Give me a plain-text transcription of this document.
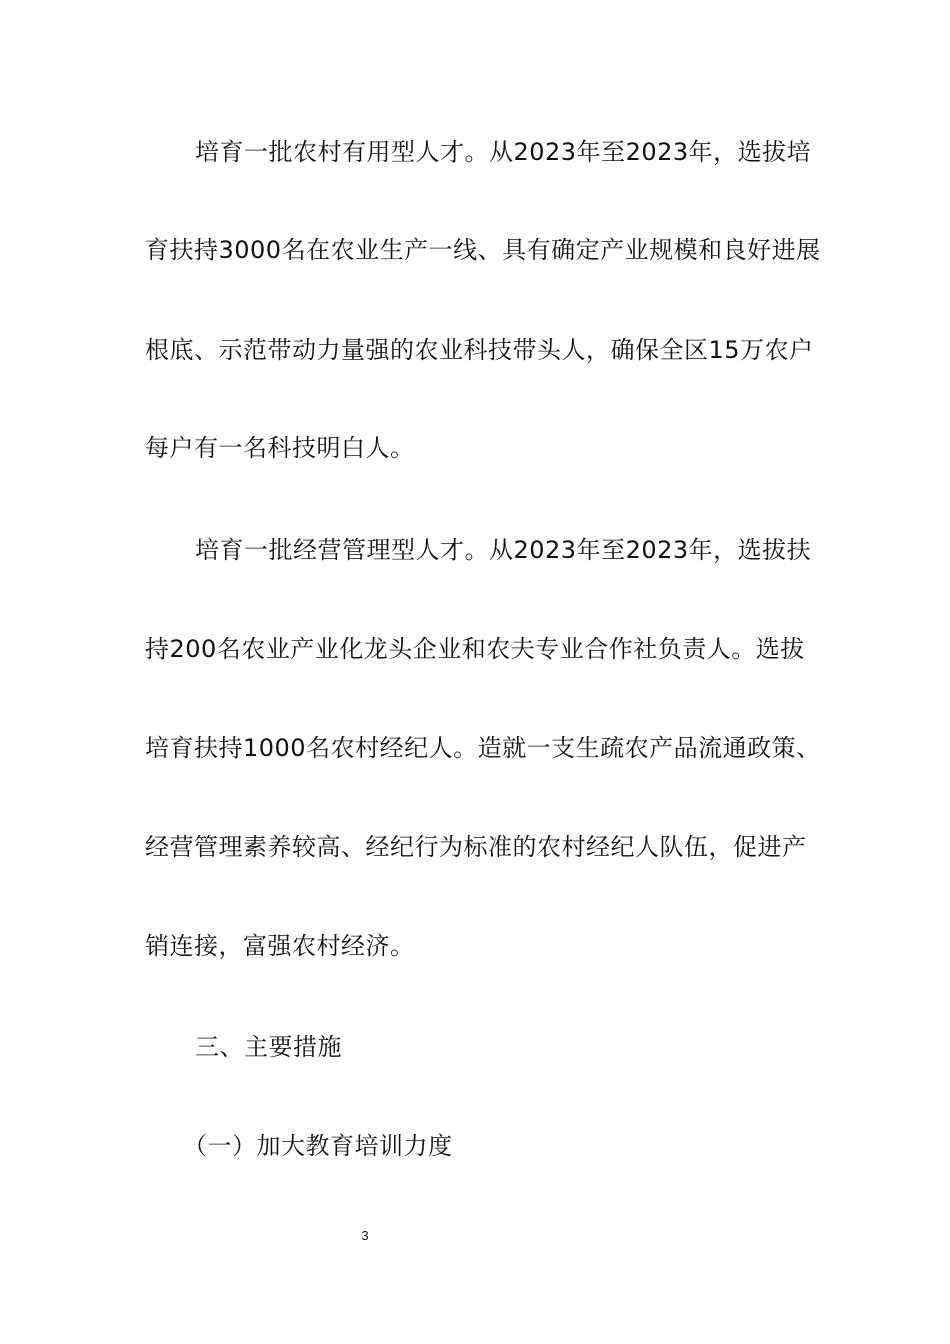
培育一批农村有用型人才。从2023年至2023年，选拔培
育扶持3000名在农业生产一线、具有确定产业规模和良好进展
根底、示范带动力量强的农业科技带头人，确保全区15万农户
每户有一名科技明白人。
培育一批经营管理型人才。从2023年至2023年，选拔扶
持200名农业产业化龙头企业和农夫专业合作社负责人。选拔
培育扶持1000名农村经纪人。造就一支生疏农产品流通政策、
经营管理素养较高、经纪行为标准的农村经纪人队伍，促进产
销连接，富强农村经济。
三、主要措施
（一）加大教育培训力度
3
